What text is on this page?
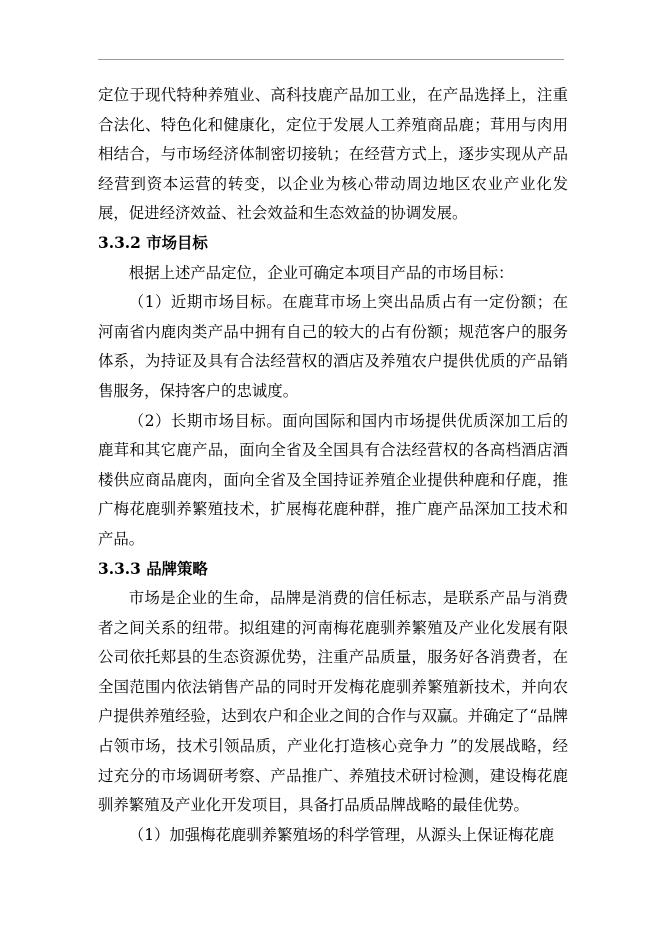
定位于现代特种养殖业、高科技鹿产品加工业，在产品选择上，注重合法化、特色化和健康化，定位于发展人工养殖商品鹿；茸用与肉用相结合，与市场经济体制密切接轨；在经营方式上，逐步实现从产品经营到资本运营的转变，以企业为核心带动周边地区农业产业化发展，促进经济效益、社会效益和生态效益的协调发展。

3.3.2 市场目标

根据上述产品定位，企业可确定本项目产品的市场目标：

（1）近期市场目标。在鹿茸市场上突出品质占有一定份额；在河南省内鹿肉类产品中拥有自己的较大的占有份额；规范客户的服务体系，为持证及具有合法经营权的酒店及养殖农户提供优质的产品销售服务，保持客户的忠诚度。

（2）长期市场目标。面向国际和国内市场提供优质深加工后的鹿茸和其它鹿产品，面向全省及全国具有合法经营权的各高档酒店酒楼供应商品鹿肉，面向全省及全国持证养殖企业提供种鹿和仔鹿，推广梅花鹿驯养繁殖技术，扩展梅花鹿种群，推广鹿产品深加工技术和产品。

3.3.3 品牌策略

市场是企业的生命，品牌是消费的信任标志，是联系产品与消费者之间关系的纽带。拟组建的河南梅花鹿驯养繁殖及产业化发展有限公司依托郏县的生态资源优势，注重产品质量，服务好各消费者，在全国范围内依法销售产品的同时开发梅花鹿驯养繁殖新技术，并向农户提供养殖经验，达到农户和企业之间的合作与双赢。并确定了“品牌占领市场，技术引领品质，产业化打造核心竞争力 ”的发展战略，经过充分的市场调研考察、产品推广、养殖技术研讨检测，建设梅花鹿驯养繁殖及产业化开发项目，具备打品质品牌战略的最佳优势。

（1）加强梅花鹿驯养繁殖场的科学管理，从源头上保证梅花鹿
